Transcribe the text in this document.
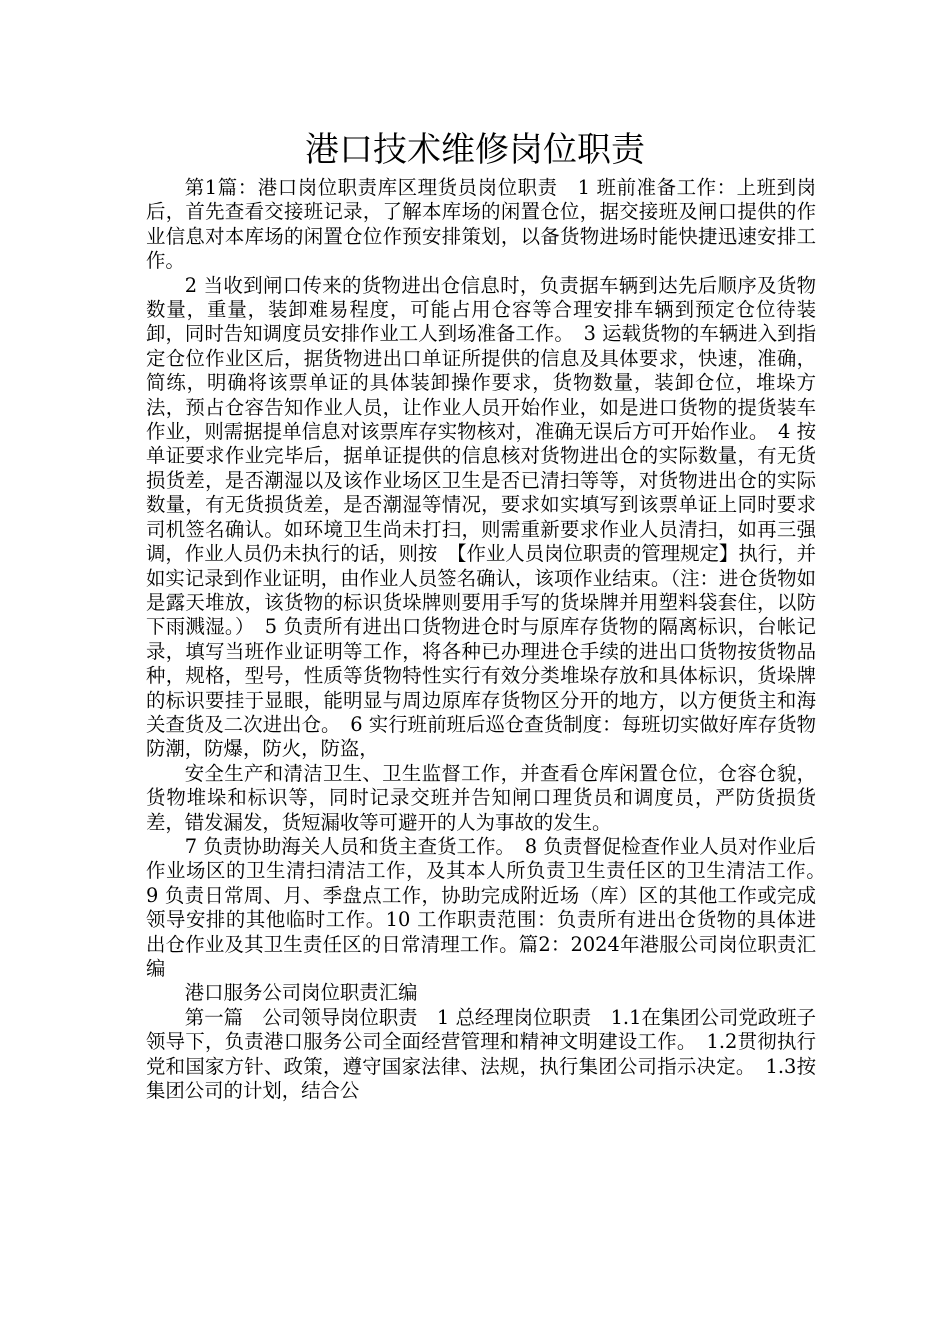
港口技术维修岗位职责

第1篇：港口岗位职责库区理货员岗位职责　1 班前准备工作：上班到岗后，首先查看交接班记录，了解本库场的闲置仓位，据交接班及闸口提供的作业信息对本库场的闲置仓位作预安排策划，以备货物进场时能快捷迅速安排工作。

2 当收到闸口传来的货物进出仓信息时，负责据车辆到达先后顺序及货物数量，重量，装卸难易程度，可能占用仓容等合理安排车辆到预定仓位待装卸，同时告知调度员安排作业工人到场准备工作。　3 运载货物的车辆进入到指定仓位作业区后，据货物进出口单证所提供的信息及具体要求，快速，准确，简练，明确将该票单证的具体装卸操作要求，货物数量，装卸仓位，堆垛方法，预占仓容告知作业人员，让作业人员开始作业，如是进口货物的提货装车作业，则需据提单信息对该票库存实物核对，准确无误后方可开始作业。　4 按单证要求作业完毕后，据单证提供的信息核对货物进出仓的实际数量，有无货损货差，是否潮湿以及该作业场区卫生是否已清扫等等，对货物进出仓的实际数量，有无货损货差，是否潮湿等情况，要求如实填写到该票单证上同时要求司机签名确认。如环境卫生尚未打扫，则需重新要求作业人员清扫，如再三强调，作业人员仍未执行的话，则按　【作业人员岗位职责的管理规定】执行，并如实记录到作业证明，由作业人员签名确认，该项作业结束。（注：进仓货物如是露天堆放，该货物的标识货垛牌则要用手写的货垛牌并用塑料袋套住，以防下雨溅湿。）　5 负责所有进出口货物进仓时与原库存货物的隔离标识，台帐记录，填写当班作业证明等工作，将各种已办理进仓手续的进出口货物按货物品种，规格，型号，性质等货物特性实行有效分类堆垛存放和具体标识，货垛牌的标识要挂于显眼，能明显与周边原库存货物区分开的地方，以方便货主和海关查货及二次进出仓。　6 实行班前班后巡仓查货制度：每班切实做好库存货物防潮，防爆，防火，防盗，

安全生产和清洁卫生、卫生监督工作，并查看仓库闲置仓位，仓容仓貌，货物堆垛和标识等，同时记录交班并告知闸口理货员和调度员，严防货损货差，错发漏发，货短漏收等可避开的人为事故的发生。

7 负责协助海关人员和货主查货工作。　8 负责督促检查作业人员对作业后作业场区的卫生清扫清洁工作，及其本人所负责卫生责任区的卫生清洁工作。　9 负责日常周、月、季盘点工作，协助完成附近场（库）区的其他工作或完成领导安排的其他临时工作。10 工作职责范围：负责所有进出仓货物的具体进出仓作业及其卫生责任区的日常清理工作。篇2：2024年港服公司岗位职责汇编

港口服务公司岗位职责汇编

第一篇　公司领导岗位职责　1 总经理岗位职责　1.1在集团公司党政班子领导下，负责港口服务公司全面经营管理和精神文明建设工作。　1.2贯彻执行党和国家方针、政策，遵守国家法律、法规，执行集团公司指示决定。　1.3按集团公司的计划，结合公
